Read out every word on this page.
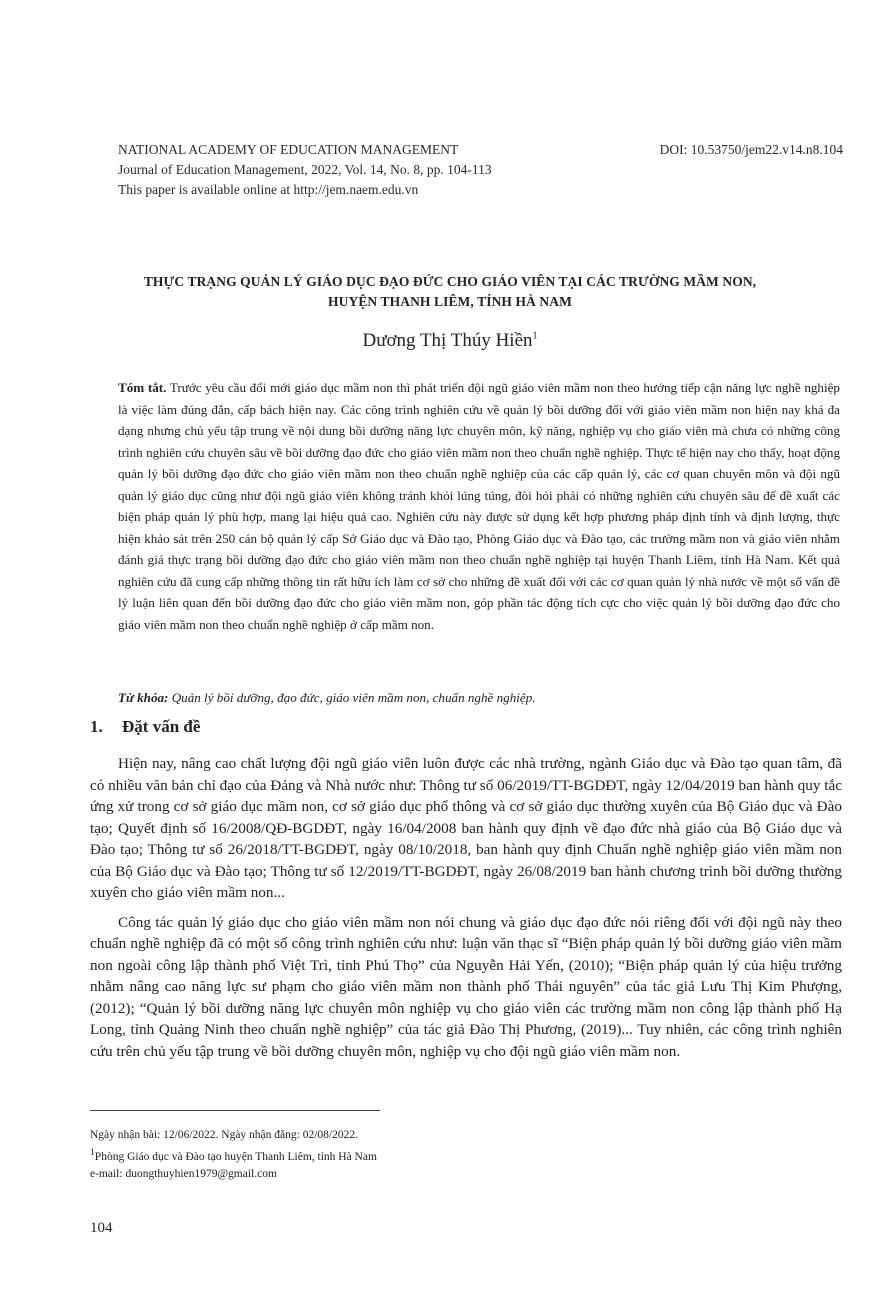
NATIONAL ACADEMY OF EDUCATION MANAGEMENT	DOI: 10.53750/jem22.v14.n8.104
Journal of Education Management, 2022, Vol. 14, No. 8, pp. 104-113
This paper is available online at http://jem.naem.edu.vn
THỰC TRẠNG QUẢN LÝ GIÁO DỤC ĐẠO ĐỨC CHO GIÁO VIÊN TẠI CÁC TRƯỜNG MẦM NON,
HUYỆN THANH LIÊM, TỈNH HÀ NAM
Dương Thị Thúy Hiền$^1$
Tóm tắt. Trước yêu cầu đổi mới giáo dục mầm non thì phát triển đội ngũ giáo viên mầm non theo hướng tiếp cận năng lực nghề nghiệp là việc làm đúng đắn, cấp bách hiện nay. Các công trình nghiên cứu về quản lý bồi dưỡng đối với giáo viên mầm non hiện nay khá đa dạng nhưng chủ yếu tập trung về nội dung bồi dưỡng năng lực chuyên môn, kỹ năng, nghiệp vụ cho giáo viên mà chưa có những công trình nghiên cứu chuyên sâu về bồi dưỡng đạo đức cho giáo viên mầm non theo chuẩn nghề nghiệp. Thực tế hiện nay cho thấy, hoạt động quản lý bồi dưỡng đạo đức cho giáo viên mầm non theo chuẩn nghề nghiệp của các cấp quản lý, các cơ quan chuyên môn và đội ngũ quản lý giáo dục cũng như đội ngũ giáo viên không tránh khỏi lúng túng, đòi hỏi phải có những nghiên cứu chuyên sâu để đề xuất các biện pháp quản lý phù hợp, mang lại hiệu quả cao. Nghiên cứu này được sử dụng kết hợp phương pháp định tính và định lượng, thực hiện khảo sát trên 250 cán bộ quản lý cấp Sở Giáo dục và Đào tạo, Phòng Giáo dục và Đào tạo, các trường mầm non và giáo viên nhằm đánh giá thực trạng bồi dưỡng đạo đức cho giáo viên mầm non theo chuẩn nghề nghiệp tại huyện Thanh Liêm, tỉnh Hà Nam. Kết quả nghiên cứu đã cung cấp những thông tin rất hữu ích làm cơ sở cho những đề xuất đối với các cơ quan quản lý nhà nước về một số vấn đề lý luận liên quan đến bồi dưỡng đạo đức cho giáo viên mầm non, góp phần tác động tích cực cho việc quản lý bồi dưỡng đạo đức cho giáo viên mầm non theo chuẩn nghề nghiệp ở cấp mầm non.
Từ khóa: Quản lý bồi dưỡng, đạo đức, giáo viên mầm non, chuẩn nghề nghiệp.
1. Đặt vấn đề

Hiện nay, nâng cao chất lượng đội ngũ giáo viên luôn được các nhà trường, ngành Giáo dục và Đào tạo quan tâm, đã có nhiều văn bản chỉ đạo của Đảng và Nhà nước như: Thông tư số 06/2019/TT-BGDĐT, ngày 12/04/2019 ban hành quy tắc ứng xử trong cơ sở giáo dục mầm non, cơ sở giáo dục phổ thông và cơ sở giáo dục thường xuyên của Bộ Giáo dục và Đào tạo; Quyết định số 16/2008/QĐ-BGDĐT, ngày 16/04/2008 ban hành quy định về đạo đức nhà giáo của Bộ Giáo dục và Đào tạo; Thông tư số 26/2018/TT-BGDĐT, ngày 08/10/2018, ban hành quy định Chuẩn nghề nghiệp giáo viên mầm non của Bộ Giáo dục và Đào tạo; Thông tư số 12/2019/TT-BGDĐT, ngày 26/08/2019 ban hành chương trình bồi dưỡng thường xuyên cho giáo viên mầm non...

Công tác quản lý giáo dục cho giáo viên mầm non nói chung và giáo dục đạo đức nói riêng đối với đội ngũ này theo chuẩn nghề nghiệp đã có một số công trình nghiên cứu như: luận văn thạc sĩ “Biện pháp quản lý bồi dưỡng giáo viên mầm non ngoài công lập thành phố Việt Trì, tỉnh Phú Thọ” của Nguyễn Hải Yến, (2010); “Biện pháp quản lý của hiệu trưởng nhằm nâng cao năng lực sư phạm cho giáo viên mầm non thành phố Thái nguyên” của tác giả Lưu Thị Kim Phượng, (2012); “Quản lý bồi dưỡng năng lực chuyên môn nghiệp vụ cho giáo viên các trường mầm non công lập thành phố Hạ Long, tỉnh Quảng Ninh theo chuẩn nghề nghiệp” của tác giả Đào Thị Phương, (2019)... Tuy nhiên, các công trình nghiên cứu trên chủ yếu tập trung về bồi dưỡng chuyên môn, nghiệp vụ cho đội ngũ giáo viên mầm non.

Ngày nhận bài: 12/06/2022. Ngày nhận đăng: 02/08/2022.
$^1$Phòng Giáo dục và Đào tạo huyện Thanh Liêm, tỉnh Hà Nam
e-mail: duongthuyhien1979@gmail.com
104
